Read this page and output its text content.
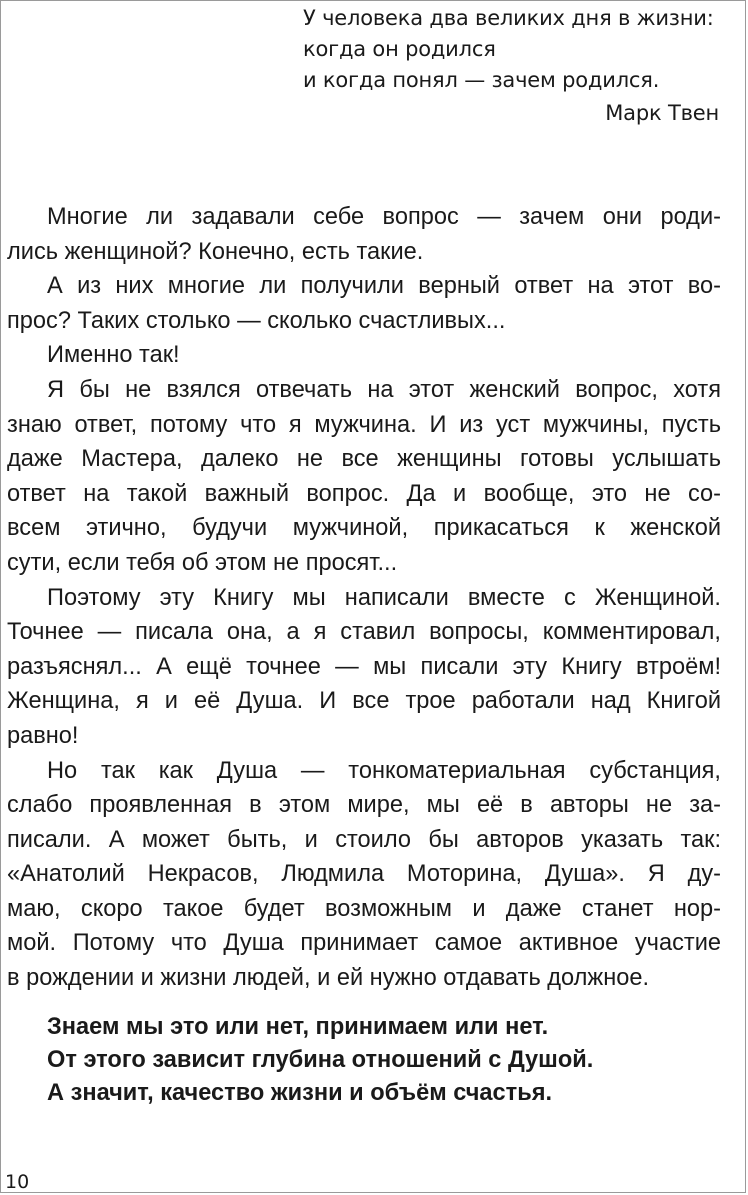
У человека два великих дня в жизни:
когда он родился
и когда понял — зачем родился.
Марк Твен
Многие ли задавали себе вопрос — зачем они роди-
лись женщиной? Конечно, есть такие.
А из них многие ли получили верный ответ на этот во-
прос? Таких столько — сколько счастливых...
Именно так!
Я бы не взялся отвечать на этот женский вопрос, хотя
знаю ответ, потому что я мужчина. И из уст мужчины, пусть
даже Мастера, далеко не все женщины готовы услышать
ответ на такой важный вопрос. Да и вообще, это не со-
всем этично, будучи мужчиной, прикасаться к женской
сути, если тебя об этом не просят...
Поэтому эту Книгу мы написали вместе с Женщиной.
Точнее — писала она, а я ставил вопросы, комментировал,
разъяснял... А ещё точнее — мы писали эту Книгу втроём!
Женщина, я и её Душа. И все трое работали над Книгой
равно!
Но так как Душа — тонкоматериальная субстанция,
слабо проявленная в этом мире, мы её в авторы не за-
писали. А может быть, и стоило бы авторов указать так:
«Анатолий Некрасов, Людмила Моторина, Душа». Я ду-
маю, скоро такое будет возможным и даже станет нор-
мой. Потому что Душа принимает самое активное участие
в рождении и жизни людей, и ей нужно отдавать должное.
Знаем мы это или нет, принимаем или нет.
От этого зависит глубина отношений с Душой.
А значит, качество жизни и объём счастья.
10
